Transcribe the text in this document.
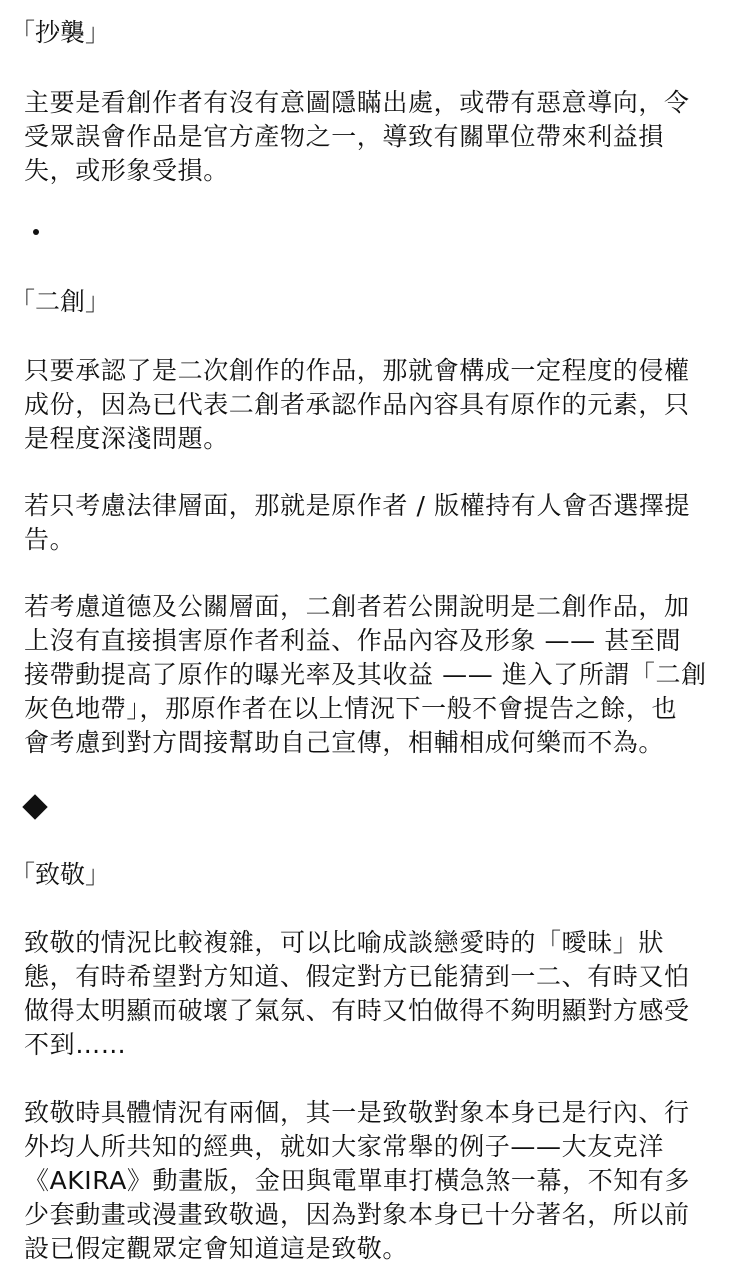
「抄襲」
主要是看創作者有沒有意圖隱瞞出處，或帶有惡意導向，令
受眾誤會作品是官方產物之一，導致有關單位帶來利益損
失，或形象受損。
「二創」
只要承認了是二次創作的作品，那就會構成一定程度的侵權
成份，因為已代表二創者承認作品內容具有原作的元素，只
是程度深淺問題。
若只考慮法律層面，那就是原作者 / 版權持有人會否選擇提
告。
若考慮道德及公關層面，二創者若公開說明是二創作品，加
上沒有直接損害原作者利益、作品內容及形象 —— 甚至間
接帶動提高了原作的曝光率及其收益 —— 進入了所謂「二創
灰色地帶」，那原作者在以上情況下一般不會提告之餘，也
會考慮到對方間接幫助自己宣傳，相輔相成何樂而不為。
「致敬」
致敬的情況比較複雜，可以比喻成談戀愛時的「曖昧」狀
態，有時希望對方知道、假定對方已能猜到一二、有時又怕
做得太明顯而破壞了氣氛、有時又怕做得不夠明顯對方感受
不到……
致敬時具體情況有兩個，其一是致敬對象本身已是行內、行
外均人所共知的經典，就如大家常舉的例子——大友克洋
《AKIRA》動畫版，金田與電單車打橫急煞一幕，不知有多
少套動畫或漫畫致敬過，因為對象本身已十分著名，所以前
設已假定觀眾定會知道這是致敬。
